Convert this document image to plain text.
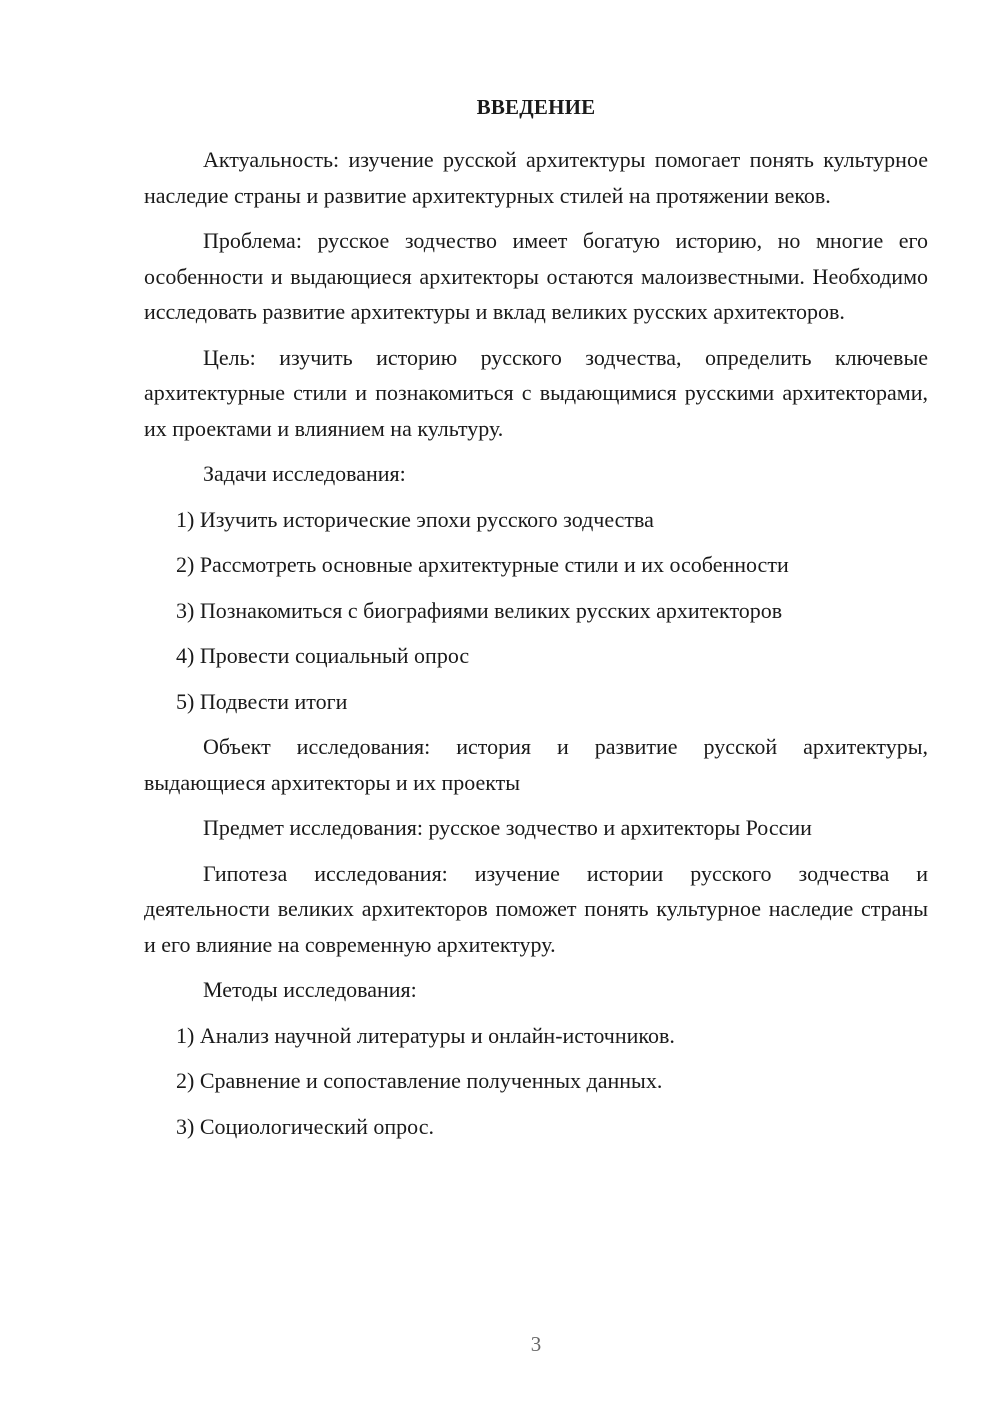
ВВЕДЕНИЕ

Актуальность: изучение русской архитектуры помогает понять культурное наследие страны и развитие архитектурных стилей на протяжении веков.

Проблема: русское зодчество имеет богатую историю, но многие его особенности и выдающиеся архитекторы остаются малоизвестными. Необходимо исследовать развитие архитектуры и вклад великих русских архитекторов.

Цель: изучить историю русского зодчества, определить ключевые архитектурные стили и познакомиться с выдающимися русскими архитекторами, их проектами и влиянием на культуру.

Задачи исследования:

1) Изучить исторические эпохи русского зодчества
2) Рассмотреть основные архитектурные стили и их особенности
3) Познакомиться с биографиями великих русских архитекторов
4) Провести социальный опрос
5) Подвести итоги

Объект исследования: история и развитие русской архитектуры, выдающиеся архитекторы и их проекты

Предмет исследования: русское зодчество и архитекторы России

Гипотеза исследования: изучение истории русского зодчества и деятельности великих архитекторов поможет понять культурное наследие страны и его влияние на современную архитектуру.

Методы исследования:

1) Анализ научной литературы и онлайн-источников.
2) Сравнение и сопоставление полученных данных.
3) Социологический опрос.
3
